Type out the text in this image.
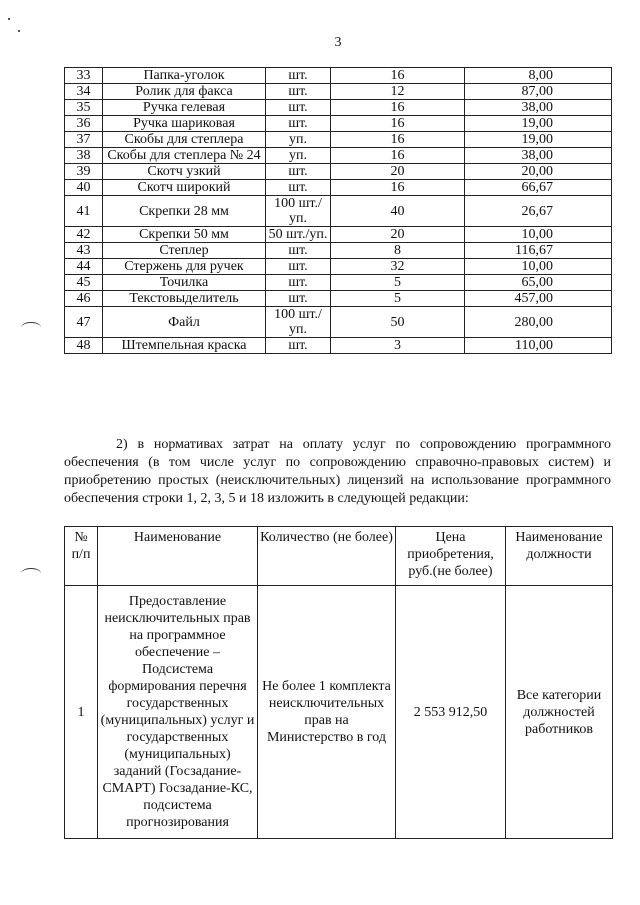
3
33	Папка-уголок	шт.	16	8,00
34	Ролик для факса	шт.	12	87,00
35	Ручка гелевая	шт.	16	38,00
36	Ручка шариковая	шт.	16	19,00
37	Скобы для степлера	уп.	16	19,00
38	Скобы для степлера № 24	уп.	16	38,00
39	Скотч узкий	шт.	20	20,00
40	Скотч широкий	шт.	16	66,67
41	Скрепки 28 мм	100 шт./уп.	40	26,67
42	Скрепки 50 мм	50 шт./уп.	20	10,00
43	Степлер	шт.	8	116,67
44	Стержень для ручек	шт.	32	10,00
45	Точилка	шт.	5	65,00
46	Текстовыделитель	шт.	5	457,00
47	Файл	100 шт./уп.	50	280,00
48	Штемпельная краска	шт.	3	110,00
2) в нормативах затрат на оплату услуг по сопровождению программного обеспечения (в том числе услуг по сопровождению справочно-правовых систем) и приобретению простых (неисключительных) лицензий на использование программного обеспечения строки 1, 2, 3, 5 и 18 изложить в следующей редакции:
№ п/п	Наименование	Количество (не более)	Цена приобретения, руб.(не более)	Наименование должности
1	Предоставление неисключительных прав на программное обеспечение – Подсистема формирования перечня государственных (муниципальных) услуг и государственных (муниципальных) заданий (Госзадание-СМАРТ) Госзадание-КС, подсистема прогнозирования	Не более 1 комплекта неисключительных прав на Министерство в год	2 553 912,50	Все категории должностей работников
